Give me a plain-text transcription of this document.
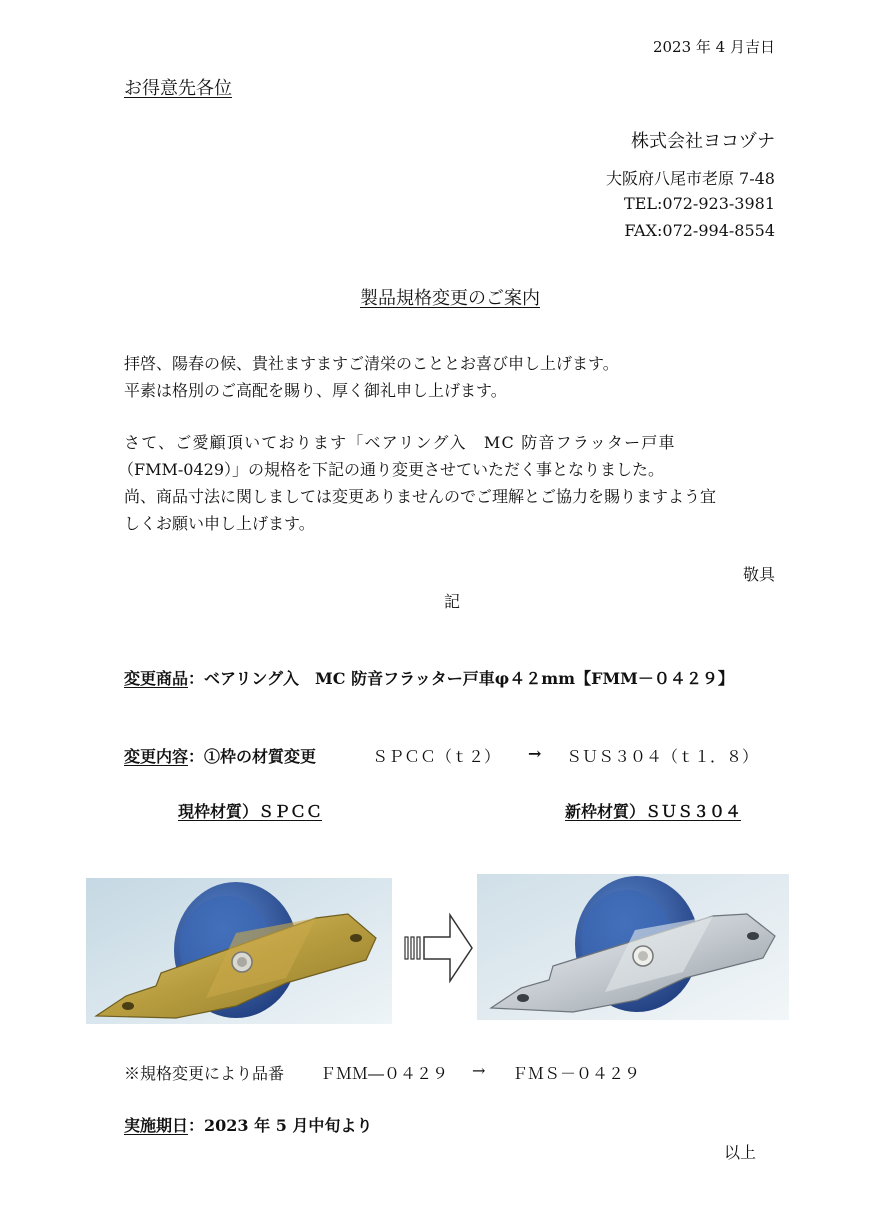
2023 年 4 月吉日
お得意先各位
株式会社ヨコヅナ
大阪府八尾市老原 7-48
TEL:072-923-3981
FAX:072-994-8554
製品規格変更のご案内
拝啓、陽春の候、貴社ますますご清栄のこととお喜び申し上げます。
平素は格別のご高配を賜り、厚く御礼申し上げます。
さて、ご愛顧頂いております「ベアリング入　MC 防音フラッター戸車
（FMM-0429）」の規格を下記の通り変更させていただく事となりました。
尚、商品寸法に関しましては変更ありませんのでご理解とご協力を賜りますよう宜
しくお願い申し上げます。
敬具
記
変更商品：ベアリング入　MC 防音フラッター戸車φ４２mm【FMM－０４２９】
変更内容：①枠の材質変更	ＳＰＣＣ（ｔ２） → ＳＵＳ３０４（ｔ１．８）
現枠材質）ＳＰＣＣ	新枠材質）ＳＵＳ３０４
※規格変更により品番 ＦＭＭ―０４２９ → ＦＭＳ－０４２９
実施期日：2023 年 5 月中旬より
以上
